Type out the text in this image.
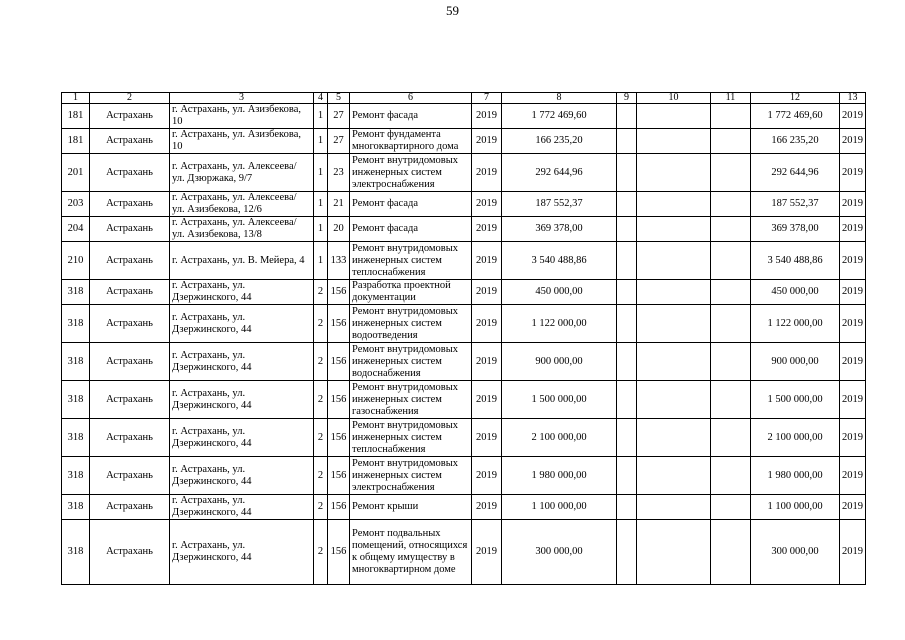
59
1	2	3	4	5	6	7	8	9	10	11	12	13
181	Астрахань	г. Астрахань, ул. Азизбекова, 10	1	27	Ремонт фасада	2019	1 772 469,60				1 772 469,60	2019
181	Астрахань	г. Астрахань, ул. Азизбекова, 10	1	27	Ремонт фундамента многоквартирного дома	2019	166 235,20				166 235,20	2019
201	Астрахань	г. Астрахань, ул. Алексеева/ ул. Дзюржака, 9/7	1	23	Ремонт внутридомовых инженерных систем электроснабжения	2019	292 644,96				292 644,96	2019
203	Астрахань	г. Астрахань, ул. Алексеева/ ул. Азизбекова, 12/6	1	21	Ремонт фасада	2019	187 552,37				187 552,37	2019
204	Астрахань	г. Астрахань, ул. Алексеева/ ул. Азизбекова, 13/8	1	20	Ремонт фасада	2019	369 378,00				369 378,00	2019
210	Астрахань	г. Астрахань, ул. В. Мейера, 4	1	133	Ремонт внутридомовых инженерных систем теплоснабжения	2019	3 540 488,86				3 540 488,86	2019
318	Астрахань	г. Астрахань, ул. Дзержинского, 44	2	156	Разработка проектной документации	2019	450 000,00				450 000,00	2019
318	Астрахань	г. Астрахань, ул. Дзержинского, 44	2	156	Ремонт внутридомовых инженерных систем водоотведения	2019	1 122 000,00				1 122 000,00	2019
318	Астрахань	г. Астрахань, ул. Дзержинского, 44	2	156	Ремонт внутридомовых инженерных систем водоснабжения	2019	900 000,00				900 000,00	2019
318	Астрахань	г. Астрахань, ул. Дзержинского, 44	2	156	Ремонт внутридомовых инженерных систем газоснабжения	2019	1 500 000,00				1 500 000,00	2019
318	Астрахань	г. Астрахань, ул. Дзержинского, 44	2	156	Ремонт внутридомовых инженерных систем теплоснабжения	2019	2 100 000,00				2 100 000,00	2019
318	Астрахань	г. Астрахань, ул. Дзержинского, 44	2	156	Ремонт внутридомовых инженерных систем электроснабжения	2019	1 980 000,00				1 980 000,00	2019
318	Астрахань	г. Астрахань, ул. Дзержинского, 44	2	156	Ремонт крыши	2019	1 100 000,00				1 100 000,00	2019
318	Астрахань	г. Астрахань, ул. Дзержинского, 44	2	156	Ремонт подвальных помещений, относящихся к общему имуществу в многоквартирном доме	2019	300 000,00				300 000,00	2019
